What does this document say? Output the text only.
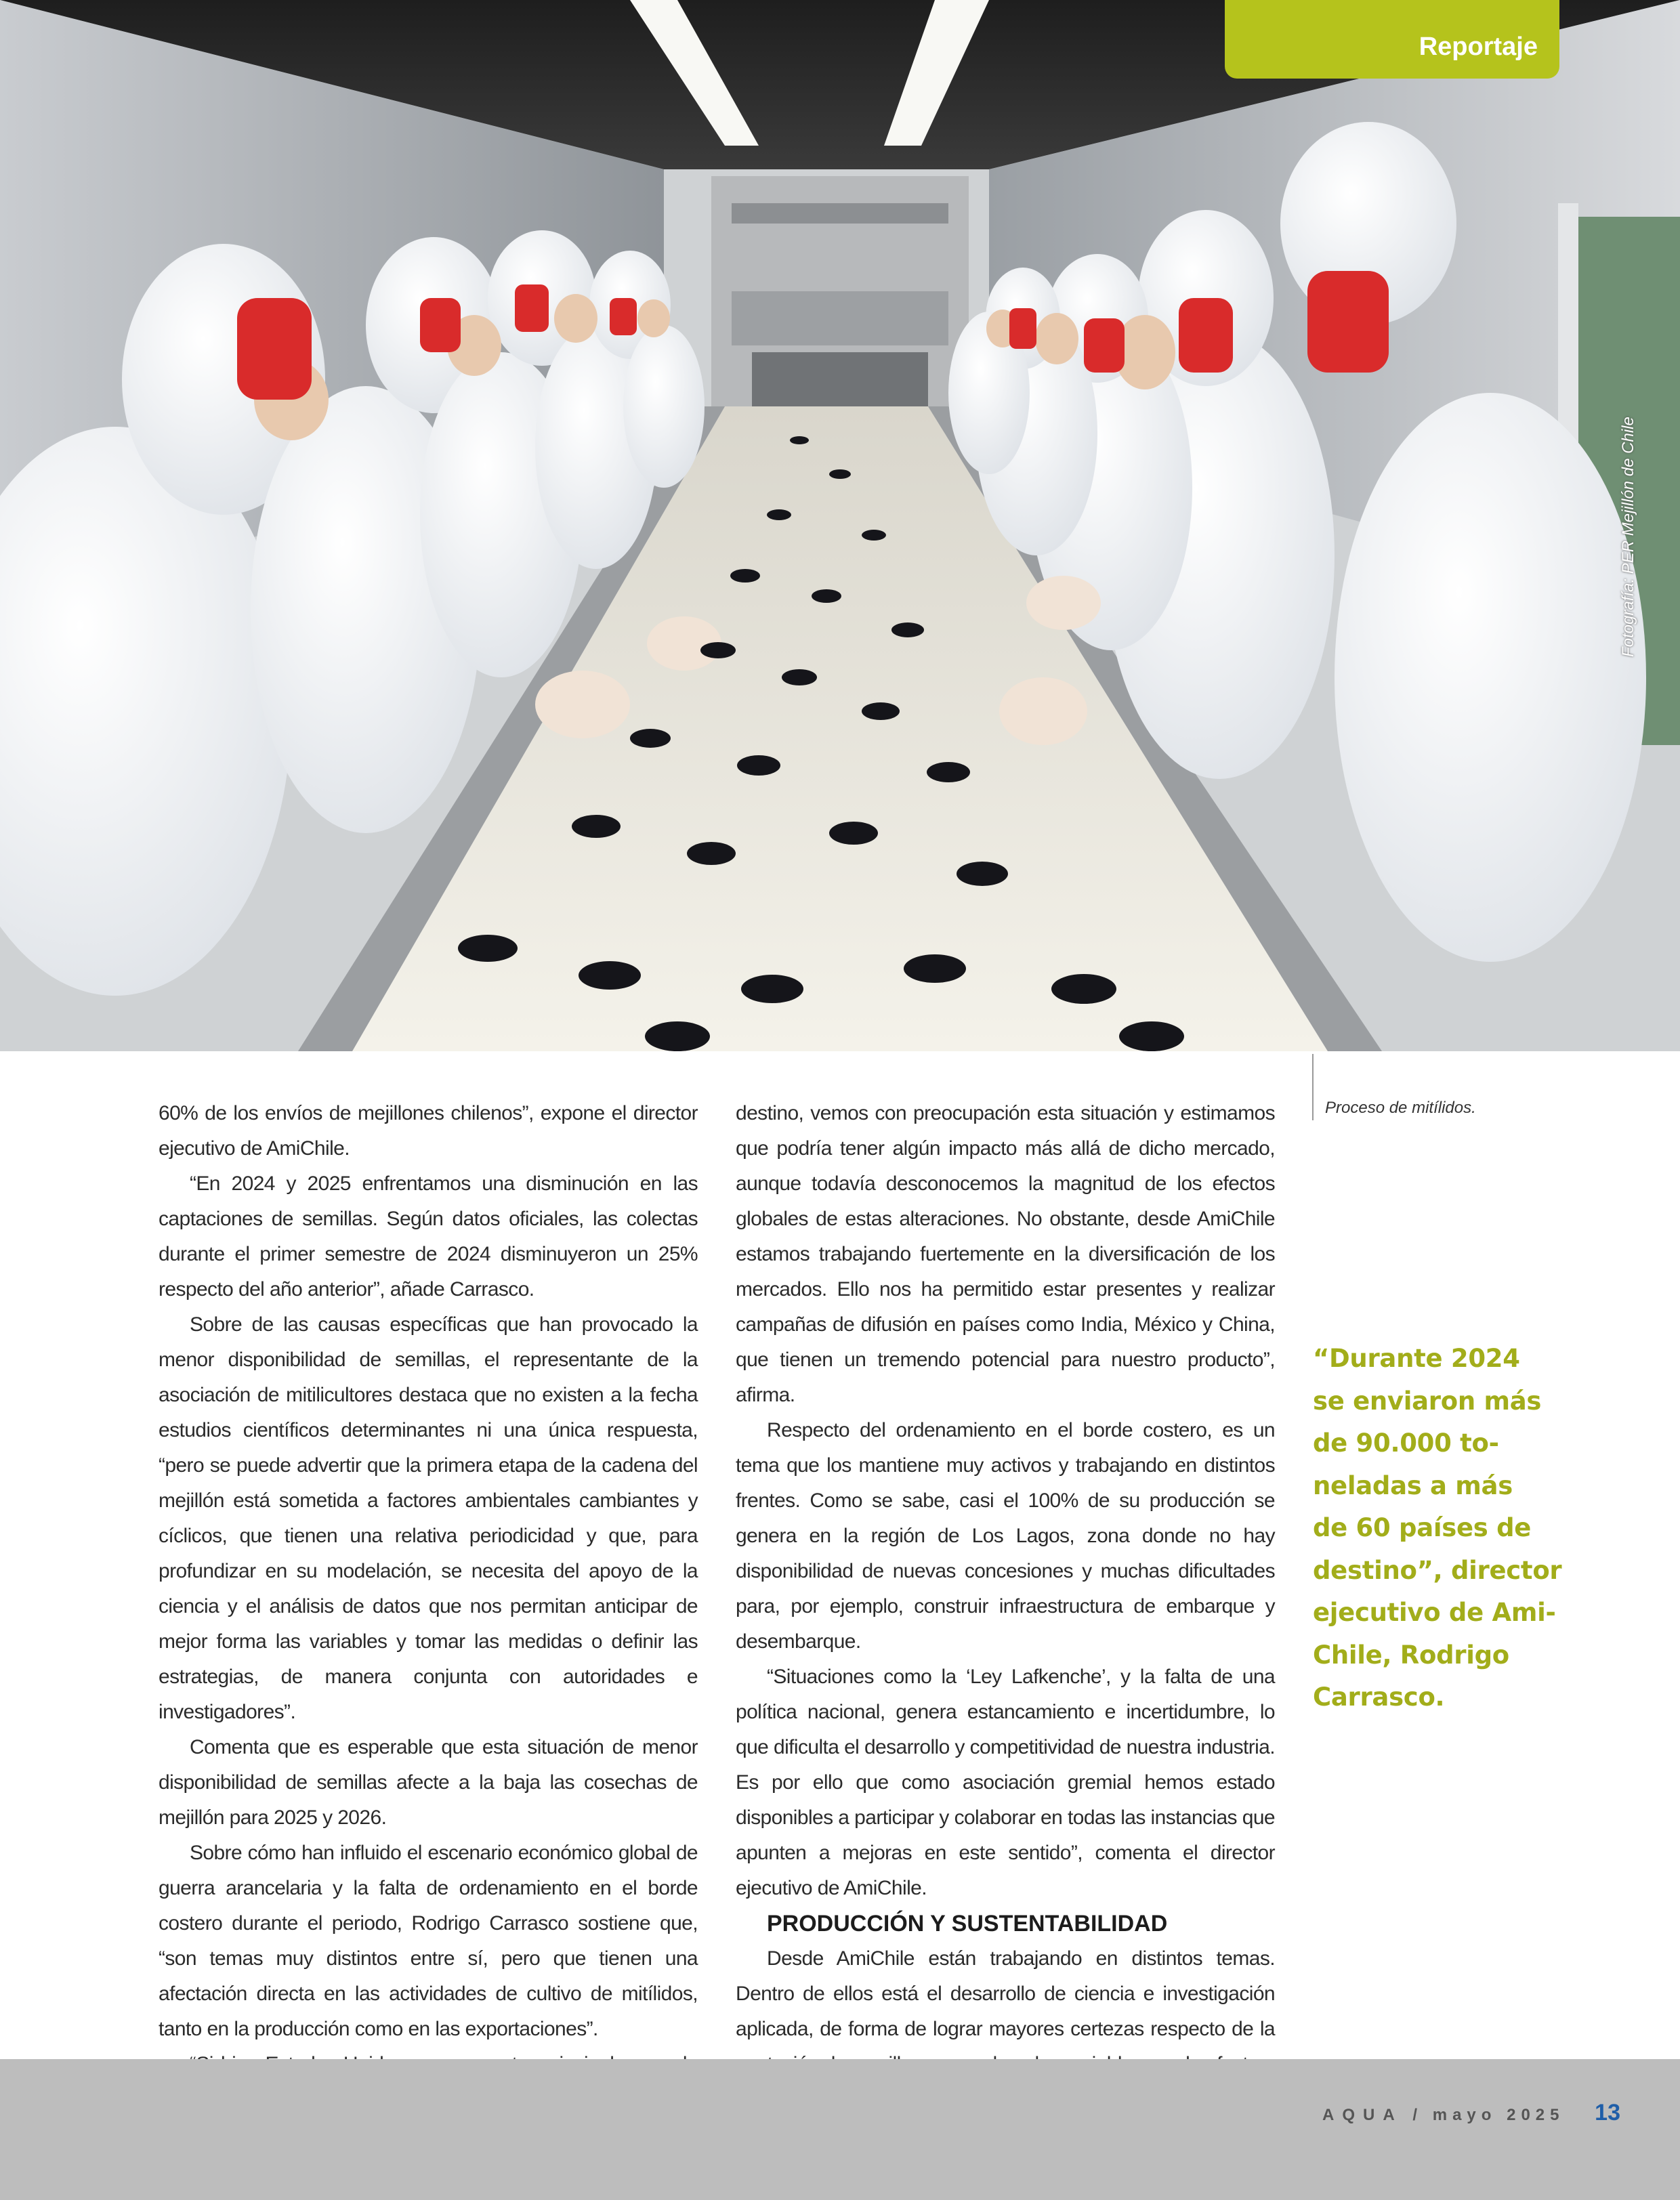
Reportaje
Fotografía: PER Mejillón de Chile

60% de los envíos de mejillones chilenos”, expone el director ejecutivo de AmiChile.

“En 2024 y 2025 enfrentamos una disminución en las captaciones de semillas. Según datos oficiales, las colectas durante el primer semestre de 2024 disminuyeron un 25% respecto del año anterior”, añade Carrasco.

Sobre de las causas específicas que han provocado la menor disponibilidad de semillas, el representante de la asociación de mitilicultores destaca que no existen a la fecha estudios científicos determinantes ni una única respuesta, “pero se puede advertir que la primera etapa de la cadena del mejillón está sometida a factores ambientales cambiantes y cíclicos, que tienen una relativa periodicidad y que, para profundizar en su modelación, se necesita del apoyo de la ciencia y el análisis de datos que nos permitan anticipar de mejor forma las variables y tomar las medidas o definir las estrategias, de manera conjunta con autoridades e investigadores”.

Comenta que es esperable que esta situación de menor disponibilidad de semillas afecte a la baja las cosechas de mejillón para 2025 y 2026.

Sobre cómo han influido el escenario económico global de guerra arancelaria y la falta de ordenamiento en el borde costero durante el periodo, Rodrigo Carrasco sostiene que, “son temas muy distintos entre sí, pero que tienen una afectación directa en las actividades de cultivo de mitílidos, tanto en la producción como en las exportaciones”.

destino, vemos con preocupación esta situación y estimamos que podría tener algún impacto más allá de dicho mercado, aunque todavía desconocemos la magnitud de los efectos globales de estas alteraciones. No obstante, desde AmiChile estamos trabajando fuertemente en la diversificación de los mercados. Ello nos ha permitido estar presentes y realizar campañas de difusión en países como India, México y China, que tienen un tremendo potencial para nuestro producto”, afirma.

Respecto del ordenamiento en el borde costero, es un tema que los mantiene muy activos y trabajando en distintos frentes. Como se sabe, casi el 100% de su producción se genera en la región de Los Lagos, zona donde no hay disponibilidad de nuevas concesiones y muchas dificultades para, por ejemplo, construir infraestructura de embarque y desembarque.

“Situaciones como la ‘Ley Lafkenche’, y la falta de una política nacional, genera estancamiento e incertidumbre, lo que dificulta el desarrollo y competitividad de nuestra industria. Es por ello que como asociación gremial hemos estado disponibles a participar y colaborar en todas las instancias que apunten a mejoras en este sentido”, comenta el director ejecutivo de AmiChile.

PRODUCCIÓN Y SUSTENTABILIDAD

Desde AmiChile están trabajando en distintos temas. Dentro de ellos está el desarrollo de ciencia e investigación aplicada, de forma de lograr mayores certezas respecto de la

Proceso de mitílidos.
“Durante 2024
se enviaron más
de 90.000 to-
neladas a más
de 60 países de
destino”, director
ejecutivo de Ami-
Chile, Rodrigo
Carrasco.
AQUA / mayo 2025 13
